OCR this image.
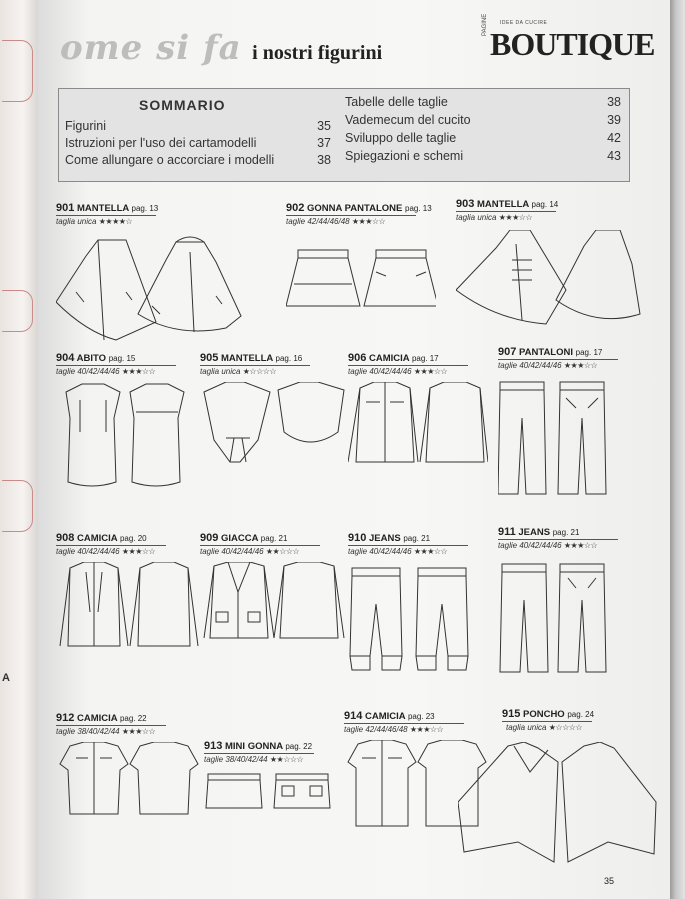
A
ome si fa i nostri figurini
IDEE DA CUCIRE
PAGINE
BOUTIQUE
SOMMARIO
Figurini	35
Istruzioni per l'uso dei cartamodelli	37
Come allungare o accorciare i modelli	38
Tabelle delle taglie	38
Vademecum del cucito	39
Sviluppo delle taglie	42
Spiegazioni e schemi	43
901 MANTELLA pag. 13
taglia unica ★★★★☆
902 GONNA PANTALONE pag. 13
taglie 42/44/46/48 ★★★☆☆
903 MANTELLA pag. 14
taglia unica ★★★☆☆
904 ABITO pag. 15
taglie 40/42/44/46 ★★★☆☆
905 MANTELLA pag. 16
taglia unica ★☆☆☆☆
906 CAMICIA pag. 17
taglie 40/42/44/46 ★★★☆☆
907 PANTALONI pag. 17
taglie 40/42/44/46 ★★★☆☆
908 CAMICIA pag. 20
taglie 40/42/44/46 ★★★☆☆
909 GIACCA pag. 21
taglie 40/42/44/46 ★★☆☆☆
910 JEANS pag. 21
taglie 40/42/44/46 ★★★☆☆
911 JEANS pag. 21
taglie 40/42/44/46 ★★★☆☆
912 CAMICIA pag. 22
taglie 38/40/42/44 ★★★☆☆
913 MINI GONNA pag. 22
taglie 38/40/42/44 ★★☆☆☆
914 CAMICIA pag. 23
taglie 42/44/46/48 ★★★☆☆
915 PONCHO pag. 24
taglia unica ★☆☆☆☆
35
